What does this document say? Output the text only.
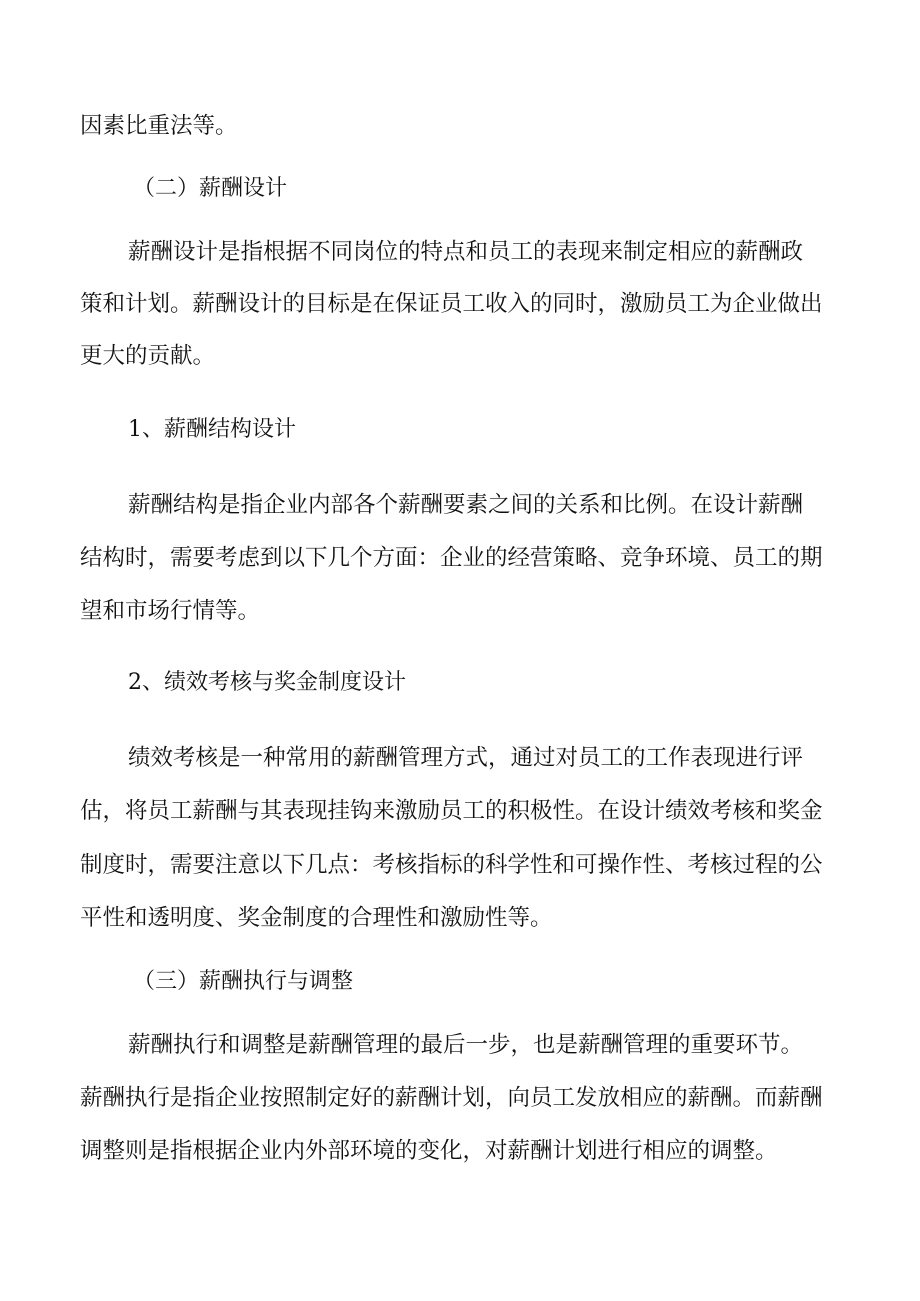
因素比重法等。

（二）薪酬设计

薪酬设计是指根据不同岗位的特点和员工的表现来制定相应的薪酬政

策和计划。薪酬设计的目标是在保证员工收入的同时，激励员工为企业做出

更大的贡献。

1、薪酬结构设计

薪酬结构是指企业内部各个薪酬要素之间的关系和比例。在设计薪酬

结构时，需要考虑到以下几个方面：企业的经营策略、竞争环境、员工的期

望和市场行情等。

2、绩效考核与奖金制度设计

绩效考核是一种常用的薪酬管理方式，通过对员工的工作表现进行评

估，将员工薪酬与其表现挂钩来激励员工的积极性。在设计绩效考核和奖金

制度时，需要注意以下几点：考核指标的科学性和可操作性、考核过程的公

平性和透明度、奖金制度的合理性和激励性等。

（三）薪酬执行与调整

薪酬执行和调整是薪酬管理的最后一步，也是薪酬管理的重要环节。

薪酬执行是指企业按照制定好的薪酬计划，向员工发放相应的薪酬。而薪酬

调整则是指根据企业内外部环境的变化，对薪酬计划进行相应的调整。
